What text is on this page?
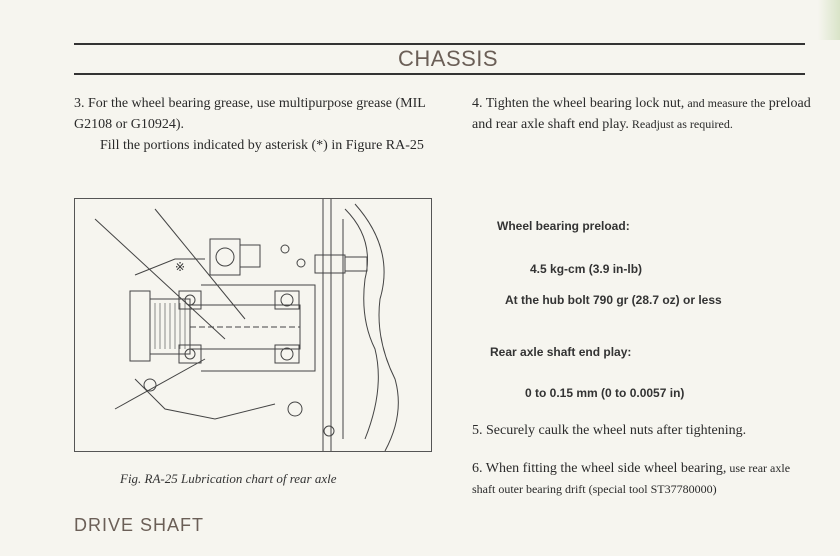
CHASSIS

3. For the wheel bearing grease, use multipurpose grease (MIL G2108 or G10924).

Fill the portions indicated by asterisk (*) in Figure RA-25

4. Tighten the wheel bearing lock nut, and measure the preload and rear axle shaft end play. Readjust as required.

※
Fig. RA-25 Lubrication chart of rear axle
Wheel bearing preload:
4.5 kg-cm (3.9 in-lb)
At the hub bolt 790 gr (28.7 oz) or less
Rear axle shaft end play:
0 to 0.15 mm (0 to 0.0057 in)

5. Securely caulk the wheel nuts after tightening.

6. When fitting the wheel side wheel bearing, use rear axle shaft outer bearing drift (special tool ST37780000)

DRIVE SHAFT
